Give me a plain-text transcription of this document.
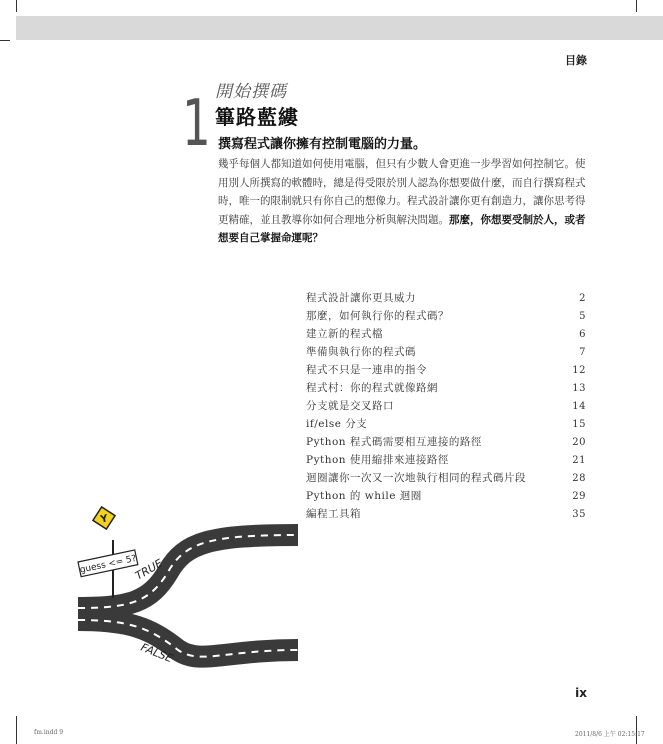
目錄
1 開始撰碼
篳路藍縷
撰寫程式讓你擁有控制電腦的力量。

幾乎每個人都知道如何使用電腦，但只有少數人會更進一步學習如何控制它。使用別人所撰寫的軟體時，總是得受限於別人認為你想要做什麼，而自行撰寫程式時，唯一的限制就只有你自己的想像力。程式設計讓你更有創造力，讓你思考得更精確，並且教導你如何合理地分析與解決問題。那麼，你想要受制於人，或者想要自己掌握命運呢？

程式設計讓你更具威力	2
那麼，如何執行你的程式碼？	5
建立新的程式檔	6
準備與執行你的程式碼	7
程式不只是一連串的指令	12
程式村：你的程式就像路網	13
分支就是交叉路口	14
if/else 分支	15
Python 程式碼需要相互連接的路徑	20
Python 使用縮排來連接路徑	21
迴圈讓你一次又一次地執行相同的程式碼片段	28
Python 的 while 迴圈	29
編程工具箱	35
Y
guess <= 5?
TRUE
FALSE
ix
fm.indd 9	2011/8/6 上午 02:15:17
